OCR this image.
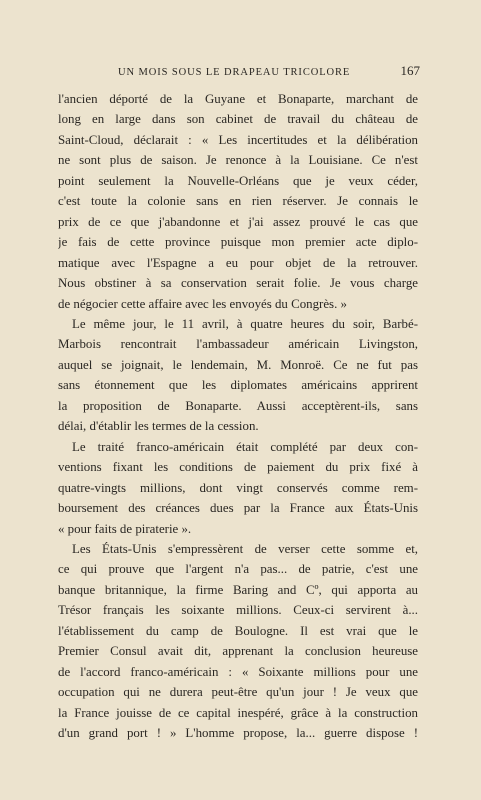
UN MOIS SOUS LE DRAPEAU TRICOLORE	167
l'ancien déporté de la Guyane et Bonaparte, marchant de
long en large dans son cabinet de travail du château de
Saint-Cloud, déclarait : « Les incertitudes et la délibération
ne sont plus de saison. Je renonce à la Louisiane. Ce n'est
point seulement la Nouvelle-Orléans que je veux céder,
c'est toute la colonie sans en rien réserver. Je connais le
prix de ce que j'abandonne et j'ai assez prouvé le cas que
je fais de cette province puisque mon premier acte diplo-
matique avec l'Espagne a eu pour objet de la retrouver.
Nous obstiner à sa conservation serait folie. Je vous charge
de négocier cette affaire avec les envoyés du Congrès. »
Le même jour, le 11 avril, à quatre heures du soir, Barbé-
Marbois rencontrait l'ambassadeur américain Livingston,
auquel se joignait, le lendemain, M. Monroë. Ce ne fut pas
sans étonnement que les diplomates américains apprirent
la proposition de Bonaparte. Aussi acceptèrent-ils, sans
délai, d'établir les termes de la cession.
Le traité franco-américain était complété par deux con-
ventions fixant les conditions de paiement du prix fixé à
quatre-vingts millions, dont vingt conservés comme rem-
boursement des créances dues par la France aux États-Unis
« pour faits de piraterie ».
Les États-Unis s'empressèrent de verser cette somme et,
ce qui prouve que l'argent n'a pas... de patrie, c'est une
banque britannique, la firme Baring and Cº, qui apporta au
Trésor français les soixante millions. Ceux-ci servirent à...
l'établissement du camp de Boulogne. Il est vrai que le
Premier Consul avait dit, apprenant la conclusion heureuse
de l'accord franco-américain : « Soixante millions pour une
occupation qui ne durera peut-être qu'un jour ! Je veux que
la France jouisse de ce capital inespéré, grâce à la construction
d'un grand port ! » L'homme propose, la... guerre dispose !
